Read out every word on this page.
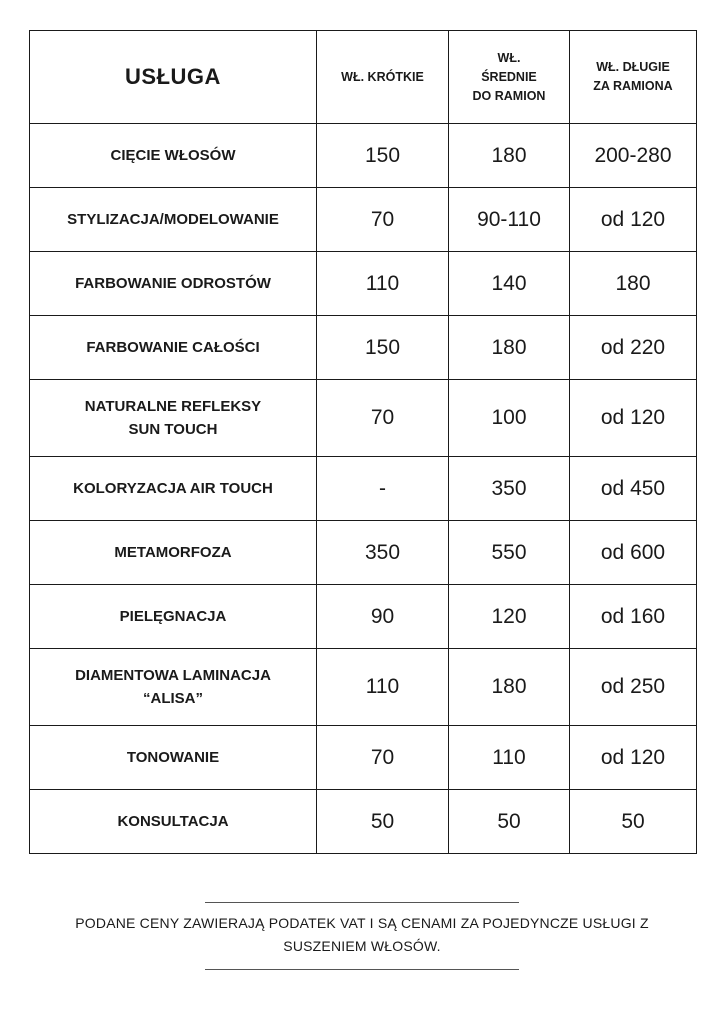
USŁUGA	WŁ. KRÓTKIE	WŁ.
ŚREDNIE
DO RAMION	WŁ. DŁUGIE
ZA RAMIONA

CIĘCIE WŁOSÓW	150	180	200-280

STYLIZACJA/MODELOWANIE	70	90-110	od 120

FARBOWANIE ODROSTÓW	110	140	180

FARBOWANIE CAŁOŚCI	150	180	od 220

NATURALNE REFLEKSY
SUN TOUCH	70	100	od 120

KOLORYZACJA AIR TOUCH	-	350	od 450

METAMORFOZA	350	550	od 600

PIELĘGNACJA	90	120	od 160

DIAMENTOWA LAMINACJA
“ALISA”	110	180	od 250

TONOWANIE	70	110	od 120

KONSULTACJA	50	50	50
PODANE CENY ZAWIERAJĄ PODATEK VAT I SĄ CENAMI ZA POJEDYNCZE USŁUGI Z
SUSZENIEM WŁOSÓW.
